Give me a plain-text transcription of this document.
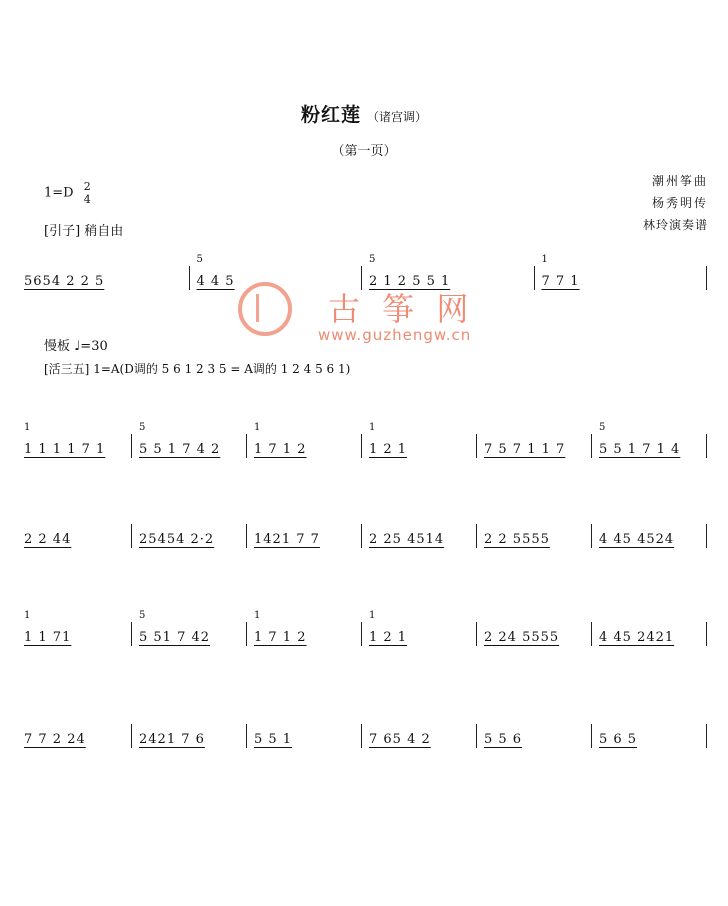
粉红莲 （诸宫调）
（第一页）
潮州筝曲
杨秀明传
林玲演奏谱
1=D 2
4
[引子] 稍自由
慢板 ♩=30
[活三五] 1=A(D调的 5 6 1 2 3 5 = A调的 1 2 4 5 6 1)
古 筝 网
www.guzhengw.cn
5654 2 2 5
5
4 4 5
5
2 1 2 5 5 1
1
7 7 1
1
1 1 1 1 7 1
5
5 5 1 7 4 2
1
1 7 1 2
1
1 2 1	7 5 7 1 1 7
5
5 5 1 7 1 4
2 2 44	25454 2·2	1421 7 7	2 25 4514	2 2 5555	4 45 4524
1
1 1 71
5
5 51 7 42
1
1 7 1 2
1
1 2 1	2 24 5555	4 45 2421
7 7 2 24	2421 7 6	5 5 1	7 65 4 2	5 5 6	5 6 5
